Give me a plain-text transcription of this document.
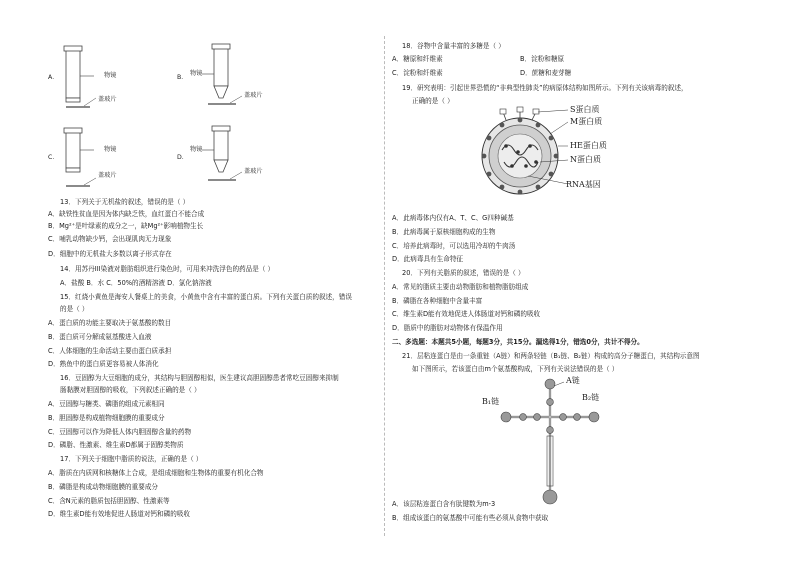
A．	物镜
盖玻片
B．
物镜
盖玻片
C．
物镜
盖玻片
D．
物镜
盖玻片
13．下列关于无机盐的叙述，错误的是（ ）
A．缺铁性贫血是因为体内缺乏铁，血红蛋白不能合成
B．Mg²⁺是叶绿素的成分之一，缺Mg²⁺影响植物生长
C．哺乳动物缺少钙，会出现肌肉无力现象
D．细胞中的无机盐大多数以离子形式存在
14．用苏丹III染液对脂肪组织进行染色时，可用来冲洗浮色的药品是（ ）
A．盐酸 B．水 C．50%的酒精溶液 D．氯化钠溶液
15．红烧小黄鱼是海安人餐桌上的美食，小黄鱼中含有丰富的蛋白质。下列有关蛋白质的叙述，错误
的是（ ）
A．蛋白质的功能主要取决于氨基酸的数目
B．蛋白质可分解成氨基酸进入血液
C．人体细胞的生命活动主要由蛋白质承担
D．熟鱼中的蛋白质更容易被人体消化
16．豆固醇为大豆细胞的成分，其结构与胆固醇相似，医生建议高胆固醇患者常吃豆固醇来抑制
肠黏膜对胆固醇的吸收，下列叙述正确的是（ ）
A．豆固醇与糖类、磷脂的组成元素相同
B．胆固醇是构成植物细胞膜的重要成分
C．豆固醇可以作为降低人体内胆固醇含量的药物
D．磷脂、性激素、维生素D都属于固醇类物质
17．下列关于细胞中脂质的说法，正确的是（ ）
A．脂质在内质网和核糖体上合成，是组成细胞和生物体的重要有机化合物
B．磷脂是构成动物细胞膜的重要成分
C．含N元素的脂质包括胆固醇、性激素等
D．维生素D能有效地促进人肠道对钙和磷的吸收
18．谷物中含量丰富的多糖是（ ）
A．糖原和纤维素	B．淀粉和糖原
C．淀粉和纤维素	D．蔗糖和麦芽糖
19．研究表明：引起世界恐慌的“非典型性肺炎”的病原体结构如图所示。下列有关该病毒的叙述，
正确的是（ ）
S蛋白质
M蛋白质
HE蛋白质
N蛋白质
RNA基因
A．此病毒体内仅有A、T、C、G四种碱基
B．此病毒属于原核细胞构成的生物
C．培养此病毒时，可以选用冷却的牛肉汤
D．此病毒具有生命特征
20．下列有关脂质的叙述，错误的是（ ）
A．常见的脂质主要由动物脂肪和植物脂肪组成
B．磷脂在各种细胞中含量丰富
C．维生素D能有效地促进人体肠道对钙和磷的吸收
D．脂质中的脂肪对动物体有保温作用
二、多选题：本题共5小题，每题3分，共15分。漏选得1分，错选0分，共计不得分。
21．层粘连蛋白是由一条重链（A链）和两条轻链（B₁链、B₂链）构成的高分子糖蛋白，其结构示意图
如下图所示，若该蛋白由m个氨基酸构成，下列有关说法错误的是（ ）
A链
B₁链	B₂链
A．该层粘连蛋白含有肽键数为m-3
B．组成该蛋白的氨基酸中可能有些必须从食物中获取
